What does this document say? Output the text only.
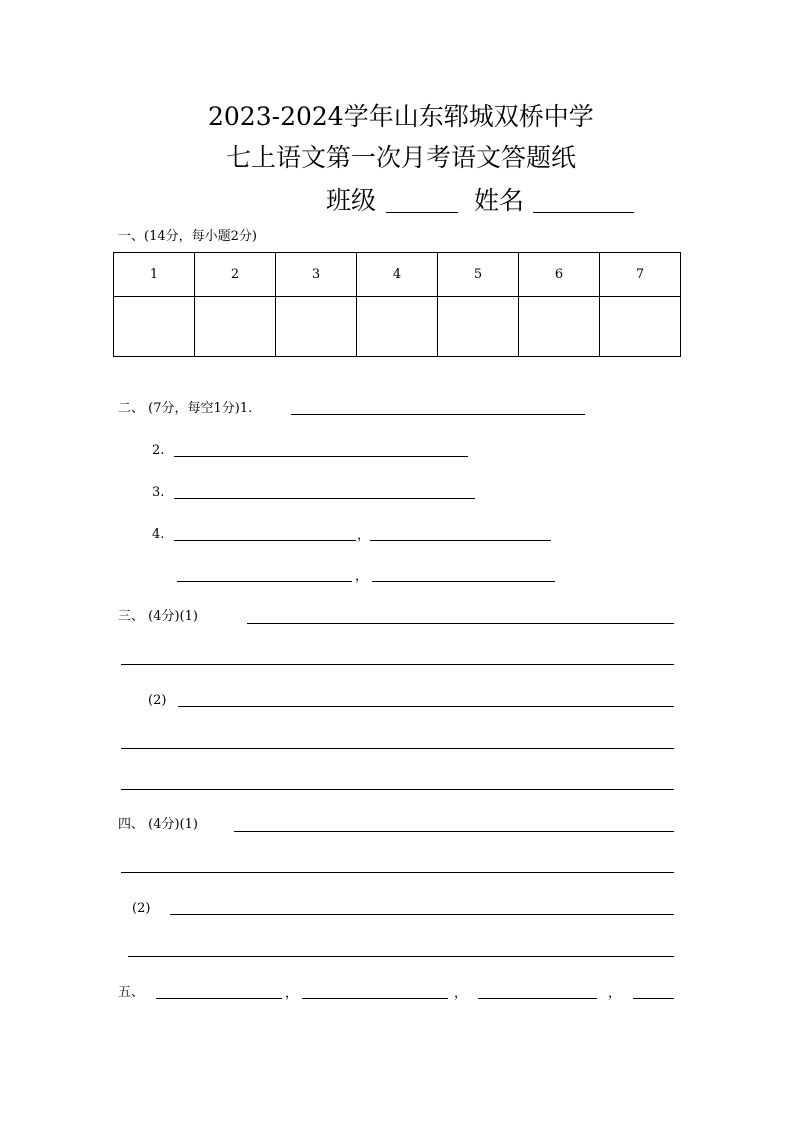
2023-2024学年山东郓城双桥中学
七上语文第一次月考语文答题纸
班级	姓名
一、(14分，每小题2分)
1	2	3	4	5	6	7

二、 (7分，每空1分)1.
2.
3.
4.	，
，
三、 (4分)(1)
(2)
四、 (4分)(1)
(2)
五、	，	，	，
